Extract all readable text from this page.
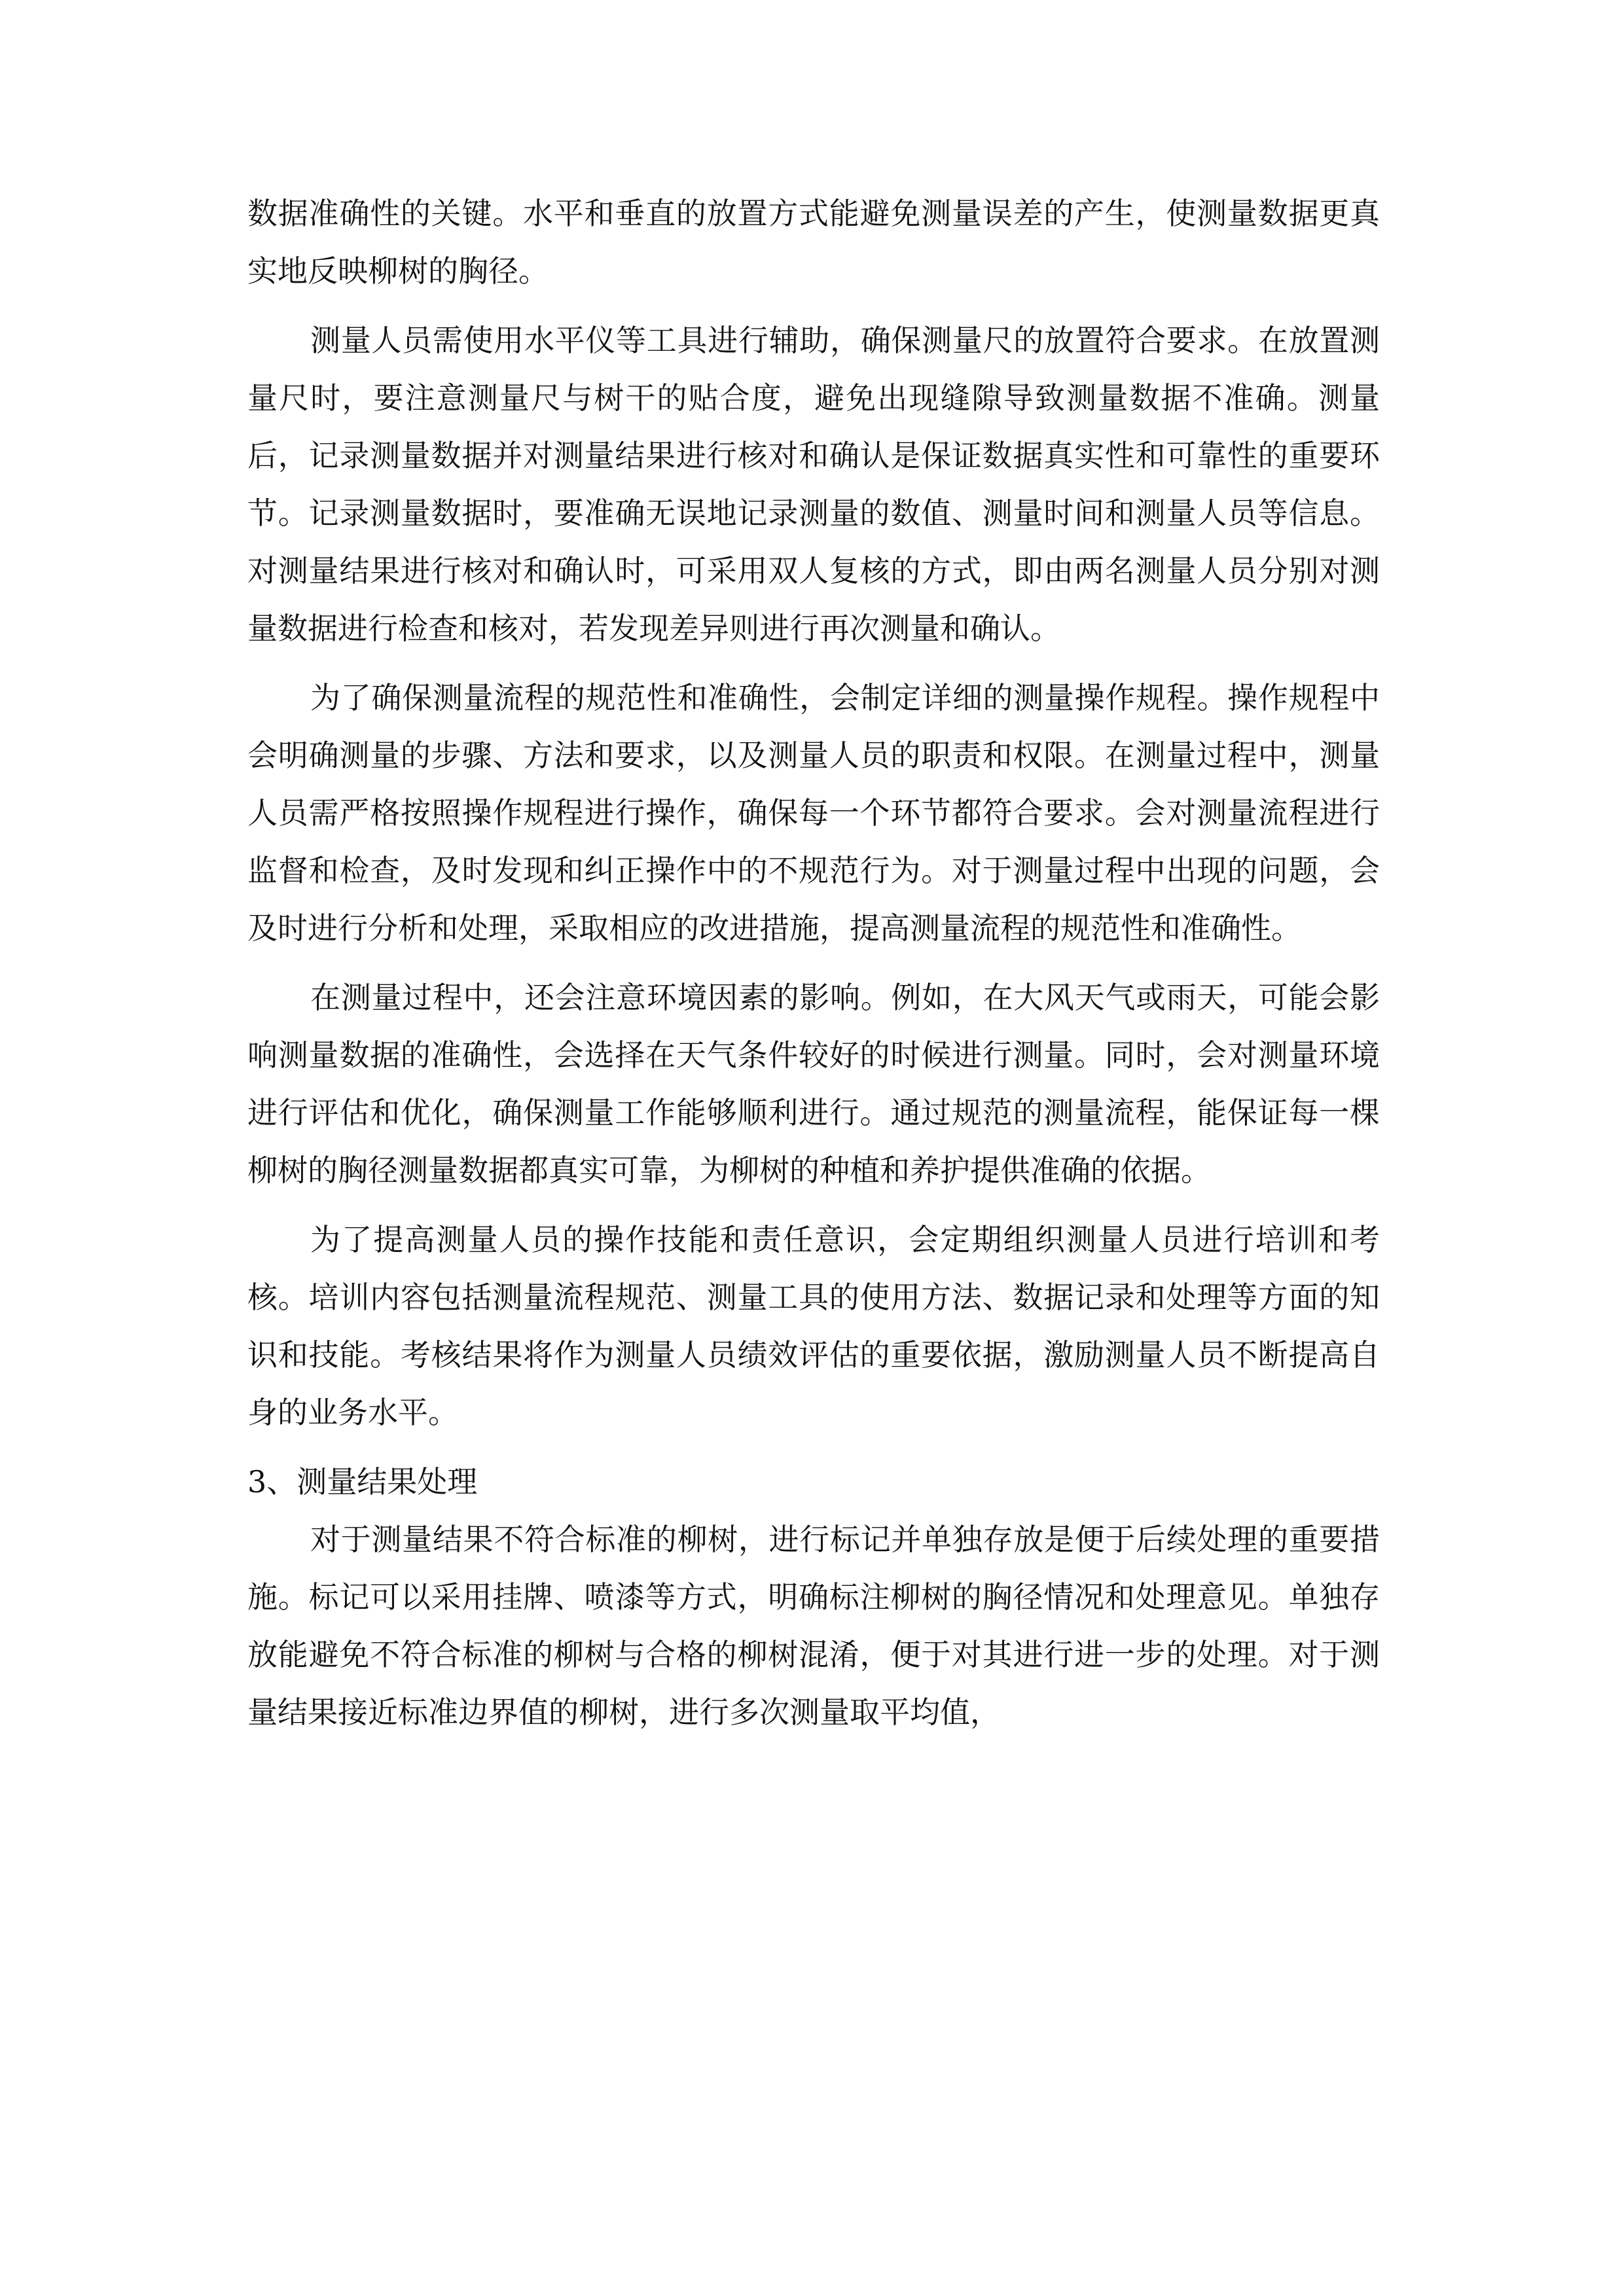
数据准确性的关键。水平和垂直的放置方式能避免测量误差的产生，使测量数据更真实地反映柳树的胸径。

测量人员需使用水平仪等工具进行辅助，确保测量尺的放置符合要求。在放置测量尺时，要注意测量尺与树干的贴合度，避免出现缝隙导致测量数据不准确。测量后，记录测量数据并对测量结果进行核对和确认是保证数据真实性和可靠性的重要环节。记录测量数据时，要准确无误地记录测量的数值、测量时间和测量人员等信息。对测量结果进行核对和确认时，可采用双人复核的方式，即由两名测量人员分别对测量数据进行检查和核对，若发现差异则进行再次测量和确认。

为了确保测量流程的规范性和准确性，会制定详细的测量操作规程。操作规程中会明确测量的步骤、方法和要求，以及测量人员的职责和权限。在测量过程中，测量人员需严格按照操作规程进行操作，确保每一个环节都符合要求。会对测量流程进行监督和检查，及时发现和纠正操作中的不规范行为。对于测量过程中出现的问题，会及时进行分析和处理，采取相应的改进措施，提高测量流程的规范性和准确性。

在测量过程中，还会注意环境因素的影响。例如，在大风天气或雨天，可能会影响测量数据的准确性，会选择在天气条件较好的时候进行测量。同时，会对测量环境进行评估和优化，确保测量工作能够顺利进行。通过规范的测量流程，能保证每一棵柳树的胸径测量数据都真实可靠，为柳树的种植和养护提供准确的依据。

为了提高测量人员的操作技能和责任意识，会定期组织测量人员进行培训和考核。培训内容包括测量流程规范、测量工具的使用方法、数据记录和处理等方面的知识和技能。考核结果将作为测量人员绩效评估的重要依据，激励测量人员不断提高自身的业务水平。

3、测量结果处理

对于测量结果不符合标准的柳树，进行标记并单独存放是便于后续处理的重要措施。标记可以采用挂牌、喷漆等方式，明确标注柳树的胸径情况和处理意见。单独存放能避免不符合标准的柳树与合格的柳树混淆，便于对其进行进一步的处理。对于测量结果接近标准边界值的柳树，进行多次测量取平均值，
